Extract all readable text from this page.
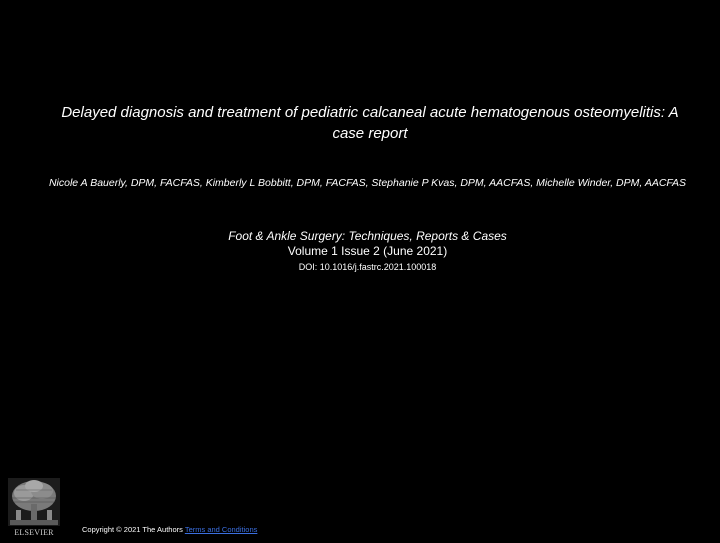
Delayed diagnosis and treatment of pediatric calcaneal acute hematogenous osteomyelitis: A case report
Nicole A Bauerly, DPM, FACFAS, Kimberly L Bobbitt, DPM, FACFAS, Stephanie P Kvas, DPM, AACFAS, Michelle Winder, DPM, AACFAS
Foot & Ankle Surgery: Techniques, Reports & Cases
Volume 1 Issue 2 (June 2021)
DOI: 10.1016/j.fastrc.2021.100018
ELSEVIER	Copyright © 2021 The Authors Terms and Conditions
